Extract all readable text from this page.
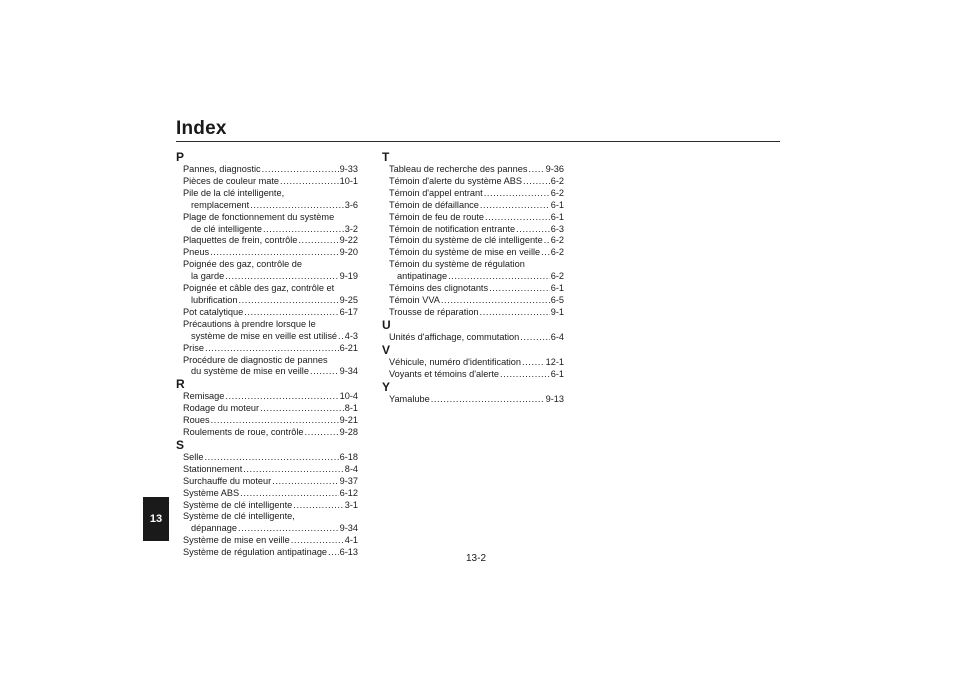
Index
13
P
Pannes, diagnostic .....	9-33
Pièces de couleur mate .....	10-1
Pile de la clé intelligente,
remplacement .....	3-6
Plage de fonctionnement du système
de clé intelligente .....	3-2
Plaquettes de frein, contrôle .....	9-22
Pneus .....	9-20
Poignée des gaz, contrôle de
la garde .....	9-19
Poignée et câble des gaz, contrôle et
lubrification .....	9-25
Pot catalytique .....	6-17
Précautions à prendre lorsque le
système de mise en veille est utilisé ..... 4-3
Prise .....	6-21
Procédure de diagnostic de pannes
du système de mise en veille .....	9-34
R
Remisage .....	10-4
Rodage du moteur .....	8-1
Roues .....	9-21
Roulements de roue, contrôle .....	9-28
S
Selle .....	6-18
Stationnement .....	8-4
Surchauffe du moteur .....	9-37
Système ABS .....	6-12
Système de clé intelligente .....	3-1
Système de clé intelligente,
dépannage .....	9-34
Système de mise en veille .....	4-1
Système de régulation antipatinage ..... 6-13
T
Tableau de recherche des pannes ..... 9-36
Témoin d'alerte du système ABS .....	6-2
Témoin d'appel entrant .....	6-2
Témoin de défaillance .....	6-1
Témoin de feu de route .....	6-1
Témoin de notification entrante .....	6-3
Témoin du système de clé intelligente ..... 6-2
Témoin du système de mise en veille ..... 6-2
Témoin du système de régulation
antipatinage .....	6-2
Témoins des clignotants .....	6-1
Témoin VVA .....	6-5
Trousse de réparation .....	9-1
U
Unités d'affichage, commutation .....	6-4
V
Véhicule, numéro d'identification .....	12-1
Voyants et témoins d'alerte .....	6-1
Y
Yamalube .....	9-13
13-2
